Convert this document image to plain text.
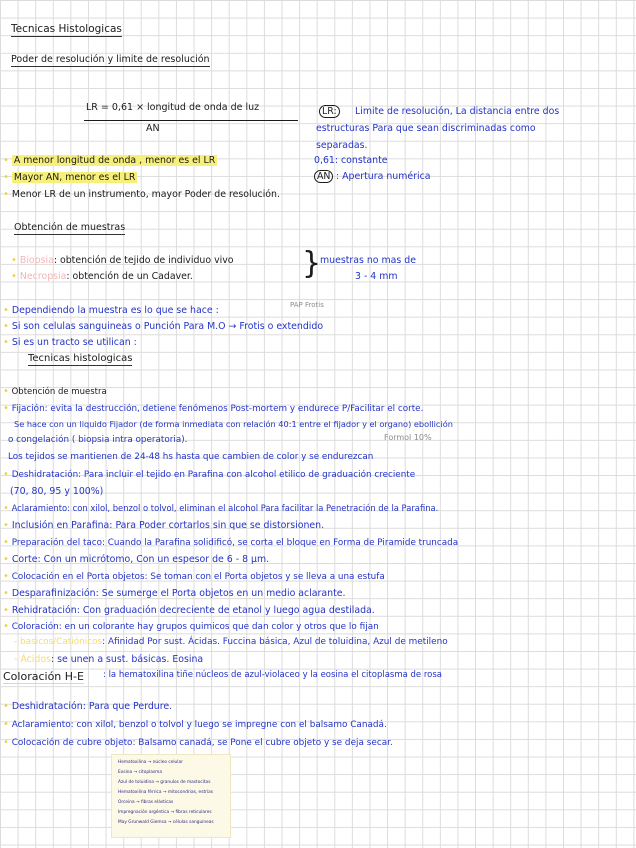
Tecnicas Histologicas
Poder de resolución y limite de resolución
LR = 0,61 × longitud de onda de luz
AN
LR:	Limite de resolución, La distancia entre dos
estructuras Para que sean discriminadas como
separadas.
0,61: constante
AN : Apertura numérica
• A menor longitud de onda , menor es el LR
• Mayor AN, menor es el LR
• Menor LR de un instrumento, mayor Poder de resolución.
Obtención de muestras
• Biopsia: obtención de tejido de individuo vivo
• Necropsia: obtención de un Cadaver.	}
muestras no mas de
3 - 4 mm
• Dependiendo la muestra es lo que se hace :	PAP Frotis
• Si son celulas sanguineas o Punción Para M.O → Frotis o extendido
• Si es un tracto se utilican :
Tecnicas histologicas
• Obtención de muestra
• Fijación: evita la destrucción, detiene fenómenos Post-mortem y endurece P/Facilitar el corte.
Se hace con un liquido Fijador (de forma inmediata con relación 40:1 entre el fijador y el organo) ebollición
o congelación ( biopsia intra operatoria).	Formol 10%
Los tejidos se mantienen de 24-48 hs hasta que cambien de color y se endurezcan
• Deshidratación: Para incluir el tejido en Parafina con alcohol etilico de graduación creciente
(70, 80, 95 y 100%)
• Aclaramiento: con xilol, benzol o tolvol, eliminan el alcohol Para facilitar la Penetración de la Parafina.
• Inclusión en Parafina: Para Poder cortarlos sin que se distorsionen.
• Preparación del taco: Cuando la Parafina solidificó, se corta el bloque en Forma de Piramide truncada
• Corte: Con un micrótomo, Con un espesor de 6 - 8 μm.
• Colocación en el Porta objetos: Se toman con el Porta objetos y se lleva a una estufa
• Desparafinización: Se sumerge el Porta objetos en un medio aclarante.
• Rehidratación: Con graduación decreciente de etanol y luego agua destilada.
• Coloración: en un colorante hay grupos quimicos que dan color y otros que lo fijan
- basicos/Catiónicos: Afinidad Por sust. Ácidas. Fuccina básica, Azul de toluidina, Azul de metileno
- Ácidos: se unen a sust. básicas. Eosina
Coloración H-E : la hematoxilina tiñe núcleos de azul-violaceo y la eosina el citoplasma de rosa
• Deshidratación: Para que Perdure.
• Aclaramiento: con xilol, benzol o tolvol y luego se impregne con el balsamo Canadá.
• Colocación de cubre objeto: Balsamo canadá, se Pone el cubre objeto y se deja secar.
Hematoxilina → núcleo celular
Eosina → citoplasma
Azul de toluidina → granulos de mastocitos
Hematoxilina férrica → mitocondrias, estrías
Orceina → fibras elásticas
Impregnación argéntica → fibras reticulares
May Grunwald Giemsa → células sanguíneas
